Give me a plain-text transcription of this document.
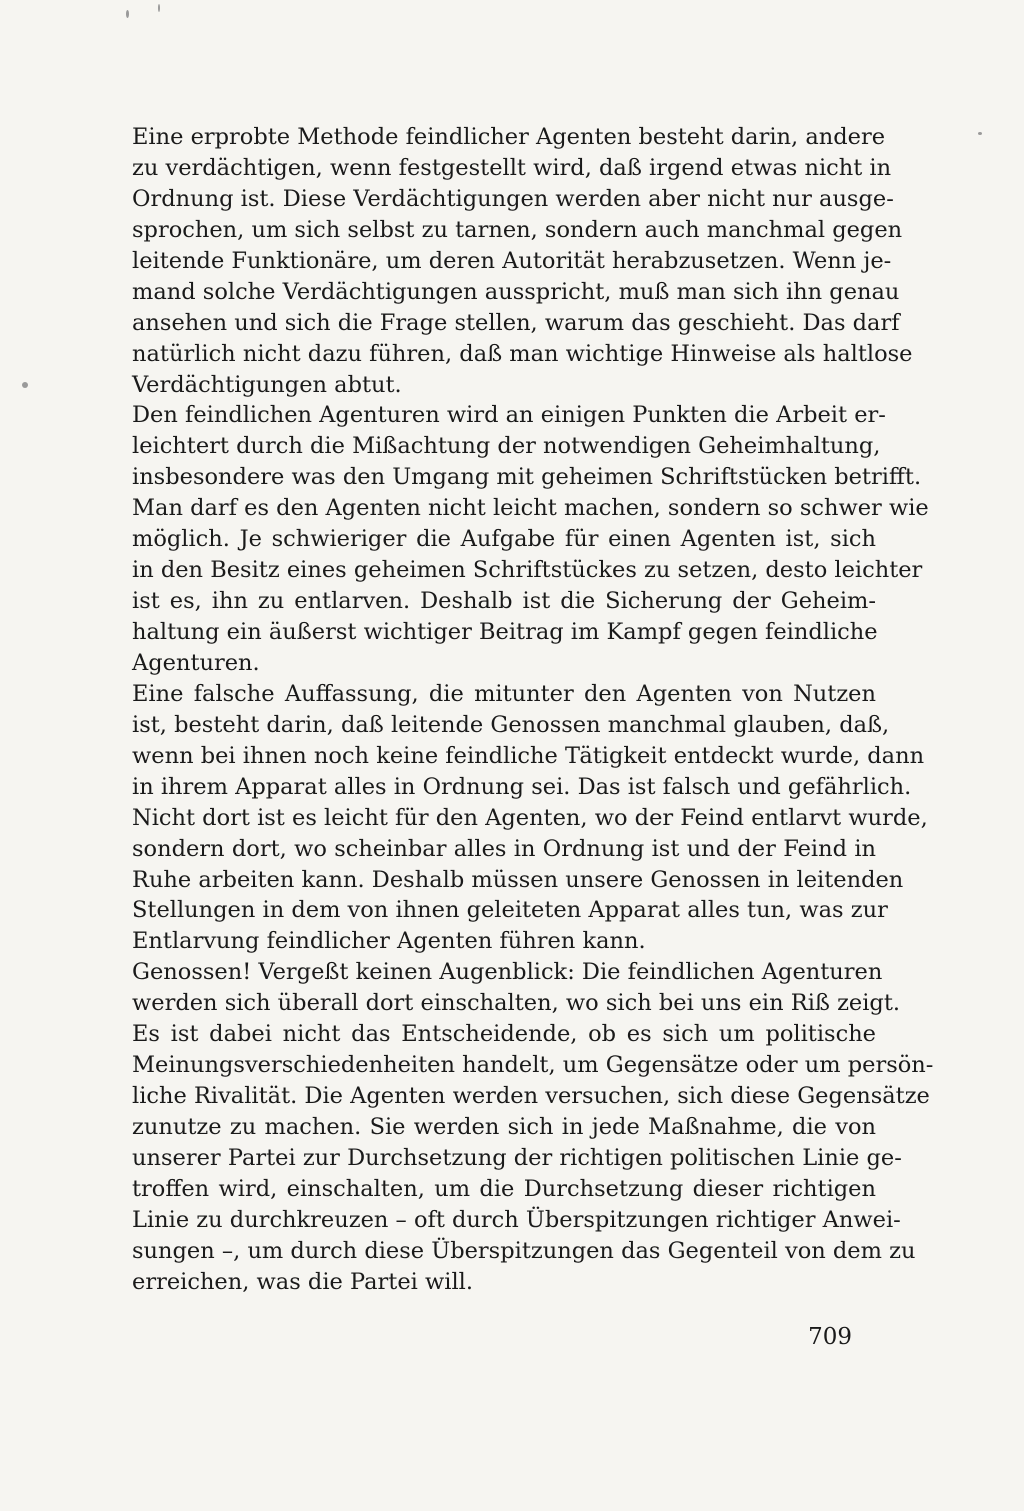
Eine erprobte Methode feindlicher Agenten besteht darin, andere
zu verdächtigen, wenn festgestellt wird, daß irgend etwas nicht in
Ordnung ist. Diese Verdächtigungen werden aber nicht nur ausge-
sprochen, um sich selbst zu tarnen, sondern auch manchmal gegen
leitende Funktionäre, um deren Autorität herabzusetzen. Wenn je-
mand solche Verdächtigungen ausspricht, muß man sich ihn genau
ansehen und sich die Frage stellen, warum das geschieht. Das darf
natürlich nicht dazu führen, daß man wichtige Hinweise als haltlose
Verdächtigungen abtut.
Den feindlichen Agenturen wird an einigen Punkten die Arbeit er-
leichtert durch die Mißachtung der notwendigen Geheimhaltung,
insbesondere was den Umgang mit geheimen Schriftstücken betrifft.
Man darf es den Agenten nicht leicht machen, sondern so schwer wie
möglich. Je schwieriger die Aufgabe für einen Agenten ist, sich
in den Besitz eines geheimen Schriftstückes zu setzen, desto leichter
ist es, ihn zu entlarven. Deshalb ist die Sicherung der Geheim-
haltung ein äußerst wichtiger Beitrag im Kampf gegen feindliche
Agenturen.
Eine falsche Auffassung, die mitunter den Agenten von Nutzen
ist, besteht darin, daß leitende Genossen manchmal glauben, daß,
wenn bei ihnen noch keine feindliche Tätigkeit entdeckt wurde, dann
in ihrem Apparat alles in Ordnung sei. Das ist falsch und gefährlich.
Nicht dort ist es leicht für den Agenten, wo der Feind entlarvt wurde,
sondern dort, wo scheinbar alles in Ordnung ist und der Feind in
Ruhe arbeiten kann. Deshalb müssen unsere Genossen in leitenden
Stellungen in dem von ihnen geleiteten Apparat alles tun, was zur
Entlarvung feindlicher Agenten führen kann.
Genossen! Vergeßt keinen Augenblick: Die feindlichen Agenturen
werden sich überall dort einschalten, wo sich bei uns ein Riß zeigt.
Es ist dabei nicht das Entscheidende, ob es sich um politische
Meinungsverschiedenheiten handelt, um Gegensätze oder um persön-
liche Rivalität. Die Agenten werden versuchen, sich diese Gegensätze
zunutze zu machen. Sie werden sich in jede Maßnahme, die von
unserer Partei zur Durchsetzung der richtigen politischen Linie ge-
troffen wird, einschalten, um die Durchsetzung dieser richtigen
Linie zu durchkreuzen – oft durch Überspitzungen richtiger Anwei-
sungen –, um durch diese Überspitzungen das Gegenteil von dem zu
erreichen, was die Partei will.
709
